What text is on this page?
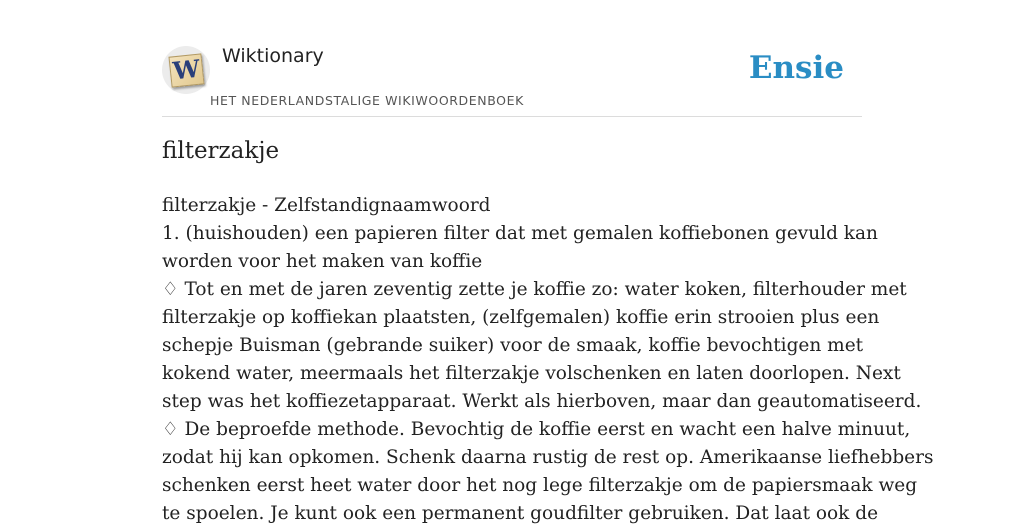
W Wiktionary
HET NEDERLANDSTALIGE WIKIWOORDENBOEK
Ensie
filterzakje
filterzakje - Zelfstandignaamwoord
1. (huishouden) een papieren filter dat met gemalen koffiebonen gevuld kan
worden voor het maken van koffie
♢ Tot en met de jaren zeventig zette je koffie zo: water koken, filterhouder met
filterzakje op koffiekan plaatsten, (zelfgemalen) koffie erin strooien plus een
schepje Buisman (gebrande suiker) voor de smaak, koffie bevochtigen met
kokend water, meermaals het filterzakje volschenken en laten doorlopen. Next
step was het koffiezetapparaat. Werkt als hierboven, maar dan geautomatiseerd.
♢ De beproefde methode. Bevochtig de koffie eerst en wacht een halve minuut,
zodat hij kan opkomen. Schenk daarna rustig de rest op. Amerikaanse liefhebbers
schenken eerst heet water door het nog lege filterzakje om de papiersmaak weg
te spoelen. Je kunt ook een permanent goudfilter gebruiken. Dat laat ook de
